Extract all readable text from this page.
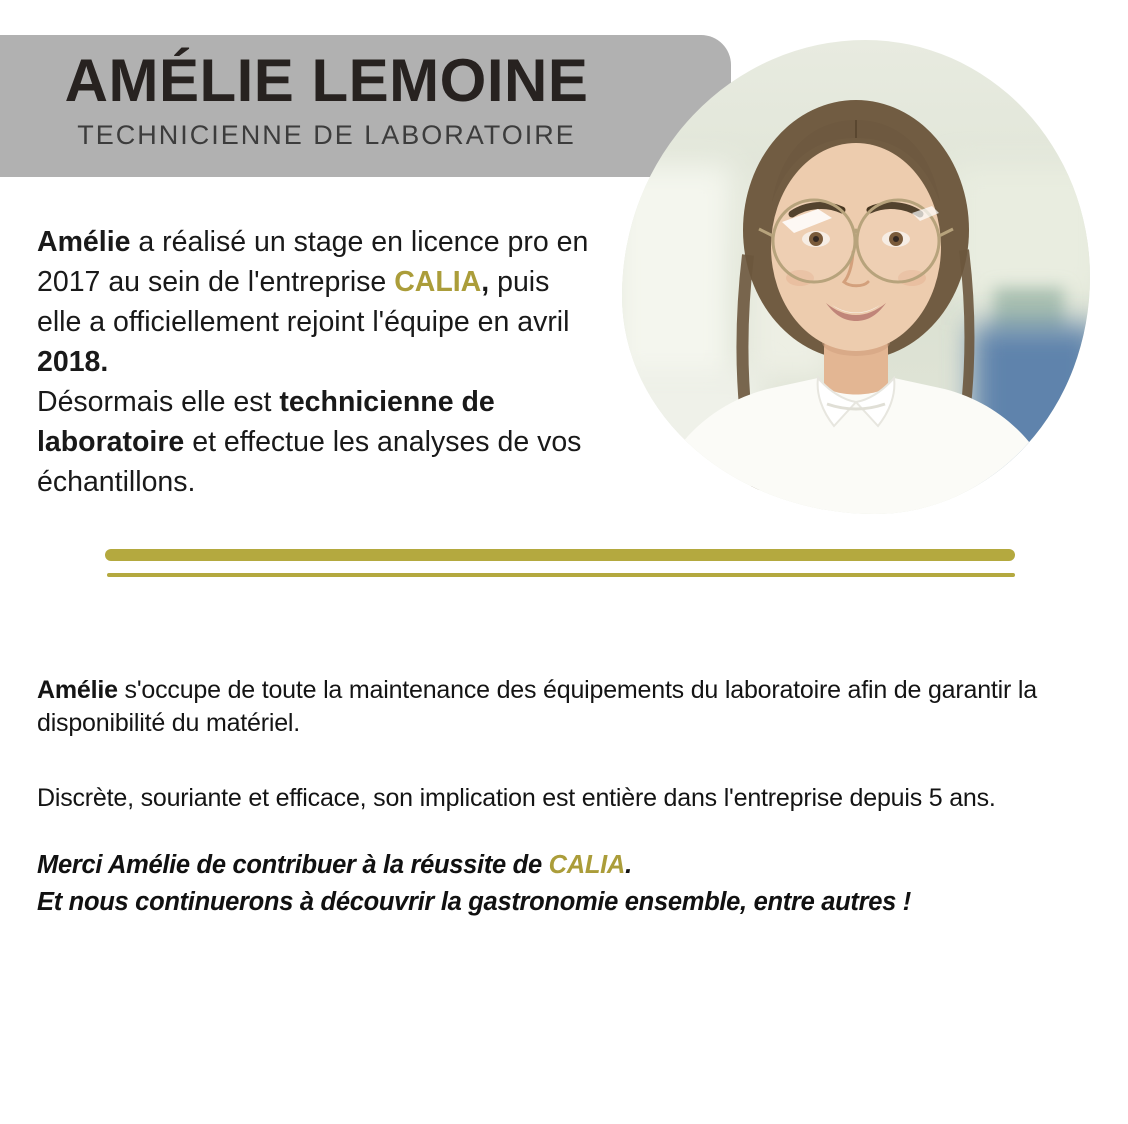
AMÉLIE LEMOINE
TECHNICIENNE DE LABORATOIRE

Amélie a réalisé un stage en licence pro en
2017 au sein de l'entreprise CALIA, puis
elle a officiellement rejoint l'équipe en avril
2018.
Désormais elle est technicienne de
laboratoire et effectue les analyses de vos
échantillons.

Amélie s'occupe de toute la maintenance des équipements du laboratoire afin de garantir la
disponibilité du matériel.

Discrète, souriante et efficace, son implication est entière dans l'entreprise depuis 5 ans.

Merci Amélie de contribuer à la réussite de CALIA.
Et nous continuerons à découvrir la gastronomie ensemble, entre autres !
